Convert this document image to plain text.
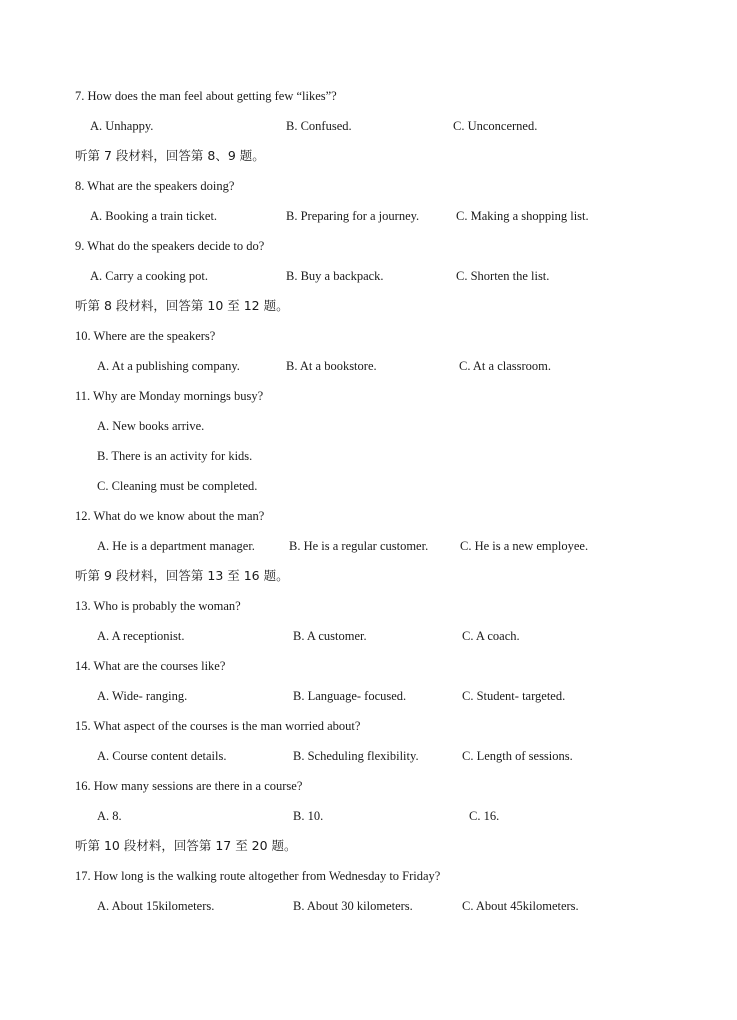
7. How does the man feel about getting few “likes”?
A. Unhappy.	B. Confused.	C. Unconcerned.
听第 7 段材料，回答第 8、9 题。
8. What are the speakers doing?
A. Booking a train ticket.	B. Preparing for a journey.	C. Making a shopping list.
9. What do the speakers decide to do?
A. Carry a cooking pot.	B. Buy a backpack.	C. Shorten the list.
听第 8 段材料，回答第 10 至 12 题。
10. Where are the speakers?
A. At a publishing company.	B. At a bookstore.	C. At a classroom.
11. Why are Monday mornings busy?
A. New books arrive.
B. There is an activity for kids.
C. Cleaning must be completed.
12. What do we know about the man?
A. He is a department manager.	B. He is a regular customer.	C. He is a new employee.
听第 9 段材料，回答第 13 至 16 题。
13. Who is probably the woman?
A. A receptionist.	B. A customer.	C. A coach.
14. What are the courses like?
A. Wide- ranging.	B. Language- focused.	C. Student- targeted.
15. What aspect of the courses is the man worried about?
A. Course content details.	B. Scheduling flexibility.	C. Length of sessions.
16. How many sessions are there in a course?
A. 8.	B. 10.	C. 16.
听第 10 段材料，回答第 17 至 20 题。
17. How long is the walking route altogether from Wednesday to Friday?
A. About 15kilometers.	B. About 30 kilometers.	C. About 45kilometers.
